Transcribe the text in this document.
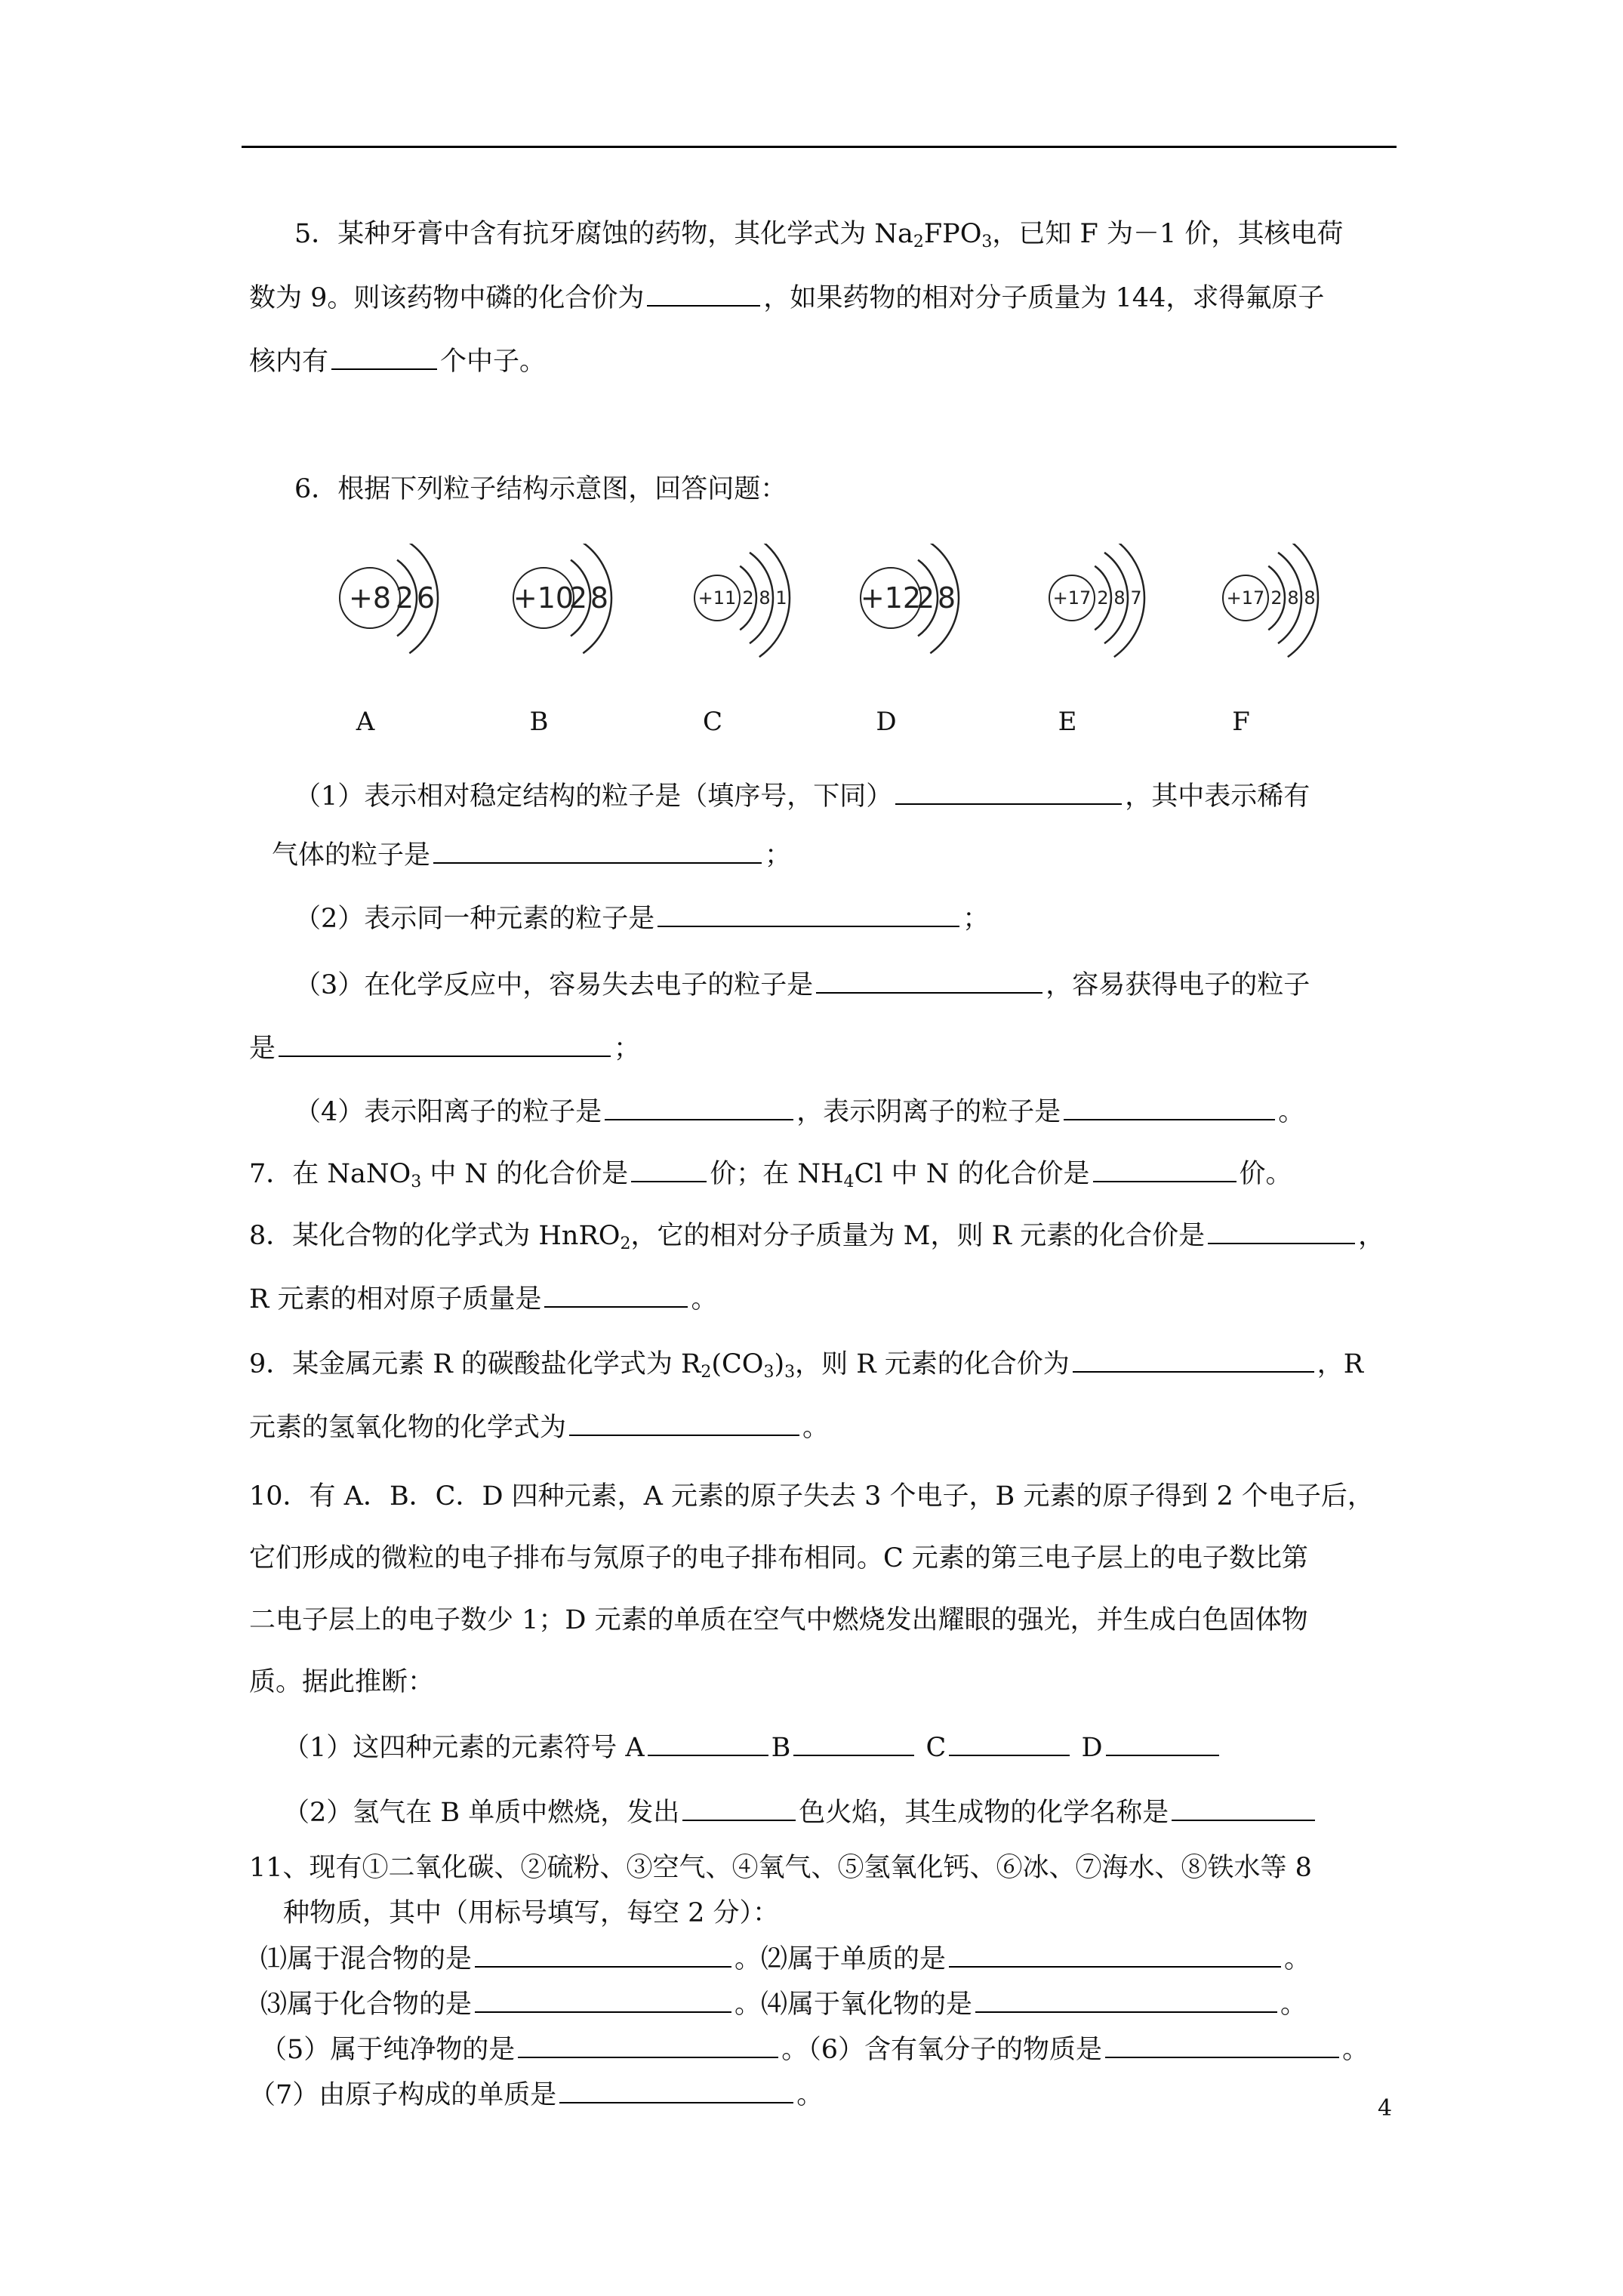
5．某种牙膏中含有抗牙腐蚀的药物，其化学式为 $Na_2FPO_3$，已知 F 为－1 价，其核电荷
数为 9。则该药物中磷的化合价为	，如果药物的相对分子质量为 144，求得氟原子
核内有	个中子。
6．根据下列粒子结构示意图，回答问题：
+8 2 6
A
+10
2 8
B
+11 2 8 1
C
+12
2 8
D
+17 2 8 7
E
+17 2 8 8
F
（1）表示相对稳定结构的粒子是（填序号，下同）	，其中表示稀有
气体的粒子是	；
（2）表示同一种元素的粒子是	；
（3）在化学反应中，容易失去电子的粒子是	，容易获得电子的粒子
是	；
（4）表示阳离子的粒子是	，表示阴离子的粒子是	。
7．在 NaNO$_3$ 中 N 的化合价是	价；在 $NH_4Cl$ 中 N 的化合价是	价。
8．某化合物的化学式为 HnRO$_2$，它的相对分子质量为 M，则 R 元素的化合价是	，
R 元素的相对原子质量是	。
9．某金属元素 R 的碳酸盐化学式为 $R_2(CO_3)_3$，则 R 元素的化合价为	，R
元素的氢氧化物的化学式为	。
10．有 A．B．C．D 四种元素，A 元素的原子失去 3 个电子，B 元素的原子得到 2 个电子后，
它们形成的微粒的电子排布与氖原子的电子排布相同。C 元素的第三电子层上的电子数比第
二电子层上的电子数少 1；D 元素的单质在空气中燃烧发出耀眼的强光，并生成白色固体物
质。据此推断：
（1）这四种元素的元素符号 A	B	C	D
（2）氢气在 B 单质中燃烧，发出	色火焰，其生成物的化学名称是
11、现有①二氧化碳、②硫粉、③空气、④氧气、⑤氢氧化钙、⑥冰、⑦海水、⑧铁水等 8
种物质，其中（用标号填写，每空 2 分）：
⑴属于混合物的是	。⑵属于单质的是	。
⑶属于化合物的是	。⑷属于氧化物的是	。
（5）属于纯净物的是	。（6）含有氧分子的物质是	。
（7）由原子构成的单质是	。	4
